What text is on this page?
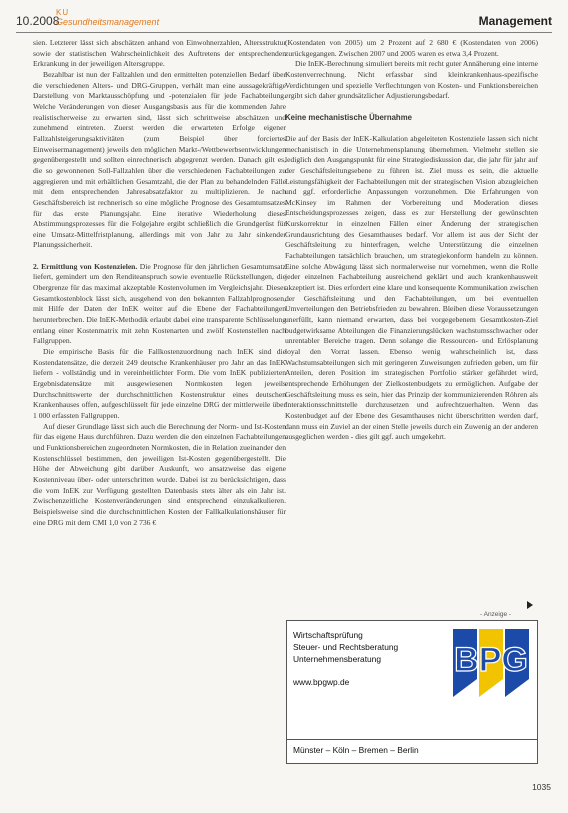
10.2008
KU
Gesundheitsmanagement	Management

sien. Letzterer lässt sich abschätzen anhand von Einwohnerzahlen, Altersstruktur sowie der statistischen Wahrscheinlichkeit des Auftretens der entsprechenden Erkrankung in der jeweiligen Altersgruppe.

Bezahlbar ist nun der Fallzahlen und den ermittelten potenziellen Bedarf über die verschiedenen Alters- und DRG-Gruppen, verhält man eine aussagekräftige Darstellung von Marktausschöpfung und -potenzialen für jede Fachabteilung. Welche Veränderungen von dieser Ausgangsbasis aus für die kommenden Jahre realistischerweise zu erwarten sind, lässt sich schrittweise abschätzen und zunehmend eintreten. Zuerst werden die erwarteten Erfolge eigener Fallzahlsteigerungsaktivitäten (zum Beispiel über forciertes Einweisermanagement) jeweils den möglichen Markt-/Wettbewerbsentwicklungen gegenübergestellt und sollten einrechnerisch abgegrenzt werden. Danach gilt es, die so gewonnenen Soll-Fallzahlen über die verschiedenen Fachabteilungen zu aggregieren und mit erhältlichen Gesamtzahl, die der Plan zu behandelnden Fälle mit dem entsprechenden Jahresabsatzfaktor zu multiplizieren. Je nach Geschäftsbereich ist rechnerisch so eine mögliche Prognose des Gesamtumsatzes für das erste Planungsjahr. Eine iterative Wiederholung dieses Abstimmungsprozesses für die Folgejahre ergibt schließlich die Grundgerüst für eine Umsatz-Mittelfristplanung, allerdings mit von Jahr zu Jahr sinkender Planungssicherheit.

2. Ermittlung von Kostenzielen. Die Prognose für den jährlichen Gesamtumsatz liefert, gemindert um den Renditeanspruch sowie eventuelle Rückstellungen, die Obergrenze für das maximal akzeptable Kostenvolumen im Vergleichsjahr. Dieser Gesamtkostenblock lässt sich, ausgehend von den bekannten Fallzahlprognosen, mit Hilfe der Daten der InEK weiter auf die Ebene der Fachabteilungen herunterbrechen. Die InEK-Methodik erlaubt dabei eine transparente Schlüsselung entlang einer Kostenmatrix mit zehn Kostenarten und zwölf Kostenstellen nach Fallgruppen.

Die empirische Basis für die Fallkostenzuordnung nach InEK sind die Kostendatensätze, die derzeit 249 deutsche Krankenhäuser pro Jahr an das InEK liefern - vollständig und in vereinheitlichter Form. Die vom InEK publizierten Ergebnisdatensätze mit ausgewiesenen Normkosten legen jeweils Durchschnittswerte der durchschnittlichen Kostenstruktur eines deutschen Krankenhauses offen, aufgeschlüsselt für jede einzelne DRG der mittlerweile über 1 000 erfassten Fallgruppen.

Auf dieser Grundlage lässt sich auch die Berechnung der Norm- und Ist-Kosten für das eigene Haus durchführen. Dazu werden die den einzelnen Fachabteilungen und Funktionsbereichen zugeordneten Normkosten, die in Relation zueinander den Kostenschlüssel bestimmen, den jeweiligen Ist-Kosten gegenübergestellt. Die Höhe der Abweichung gibt darüber Auskunft, wo ansatzweise das eigene Kostenniveau über- oder unterschritten wurde. Dabei ist zu berücksichtigen, dass die vom InEK zur Verfügung gestellten Datenbasis stets älter als ein Jahr ist. Zwischenzeitliche Kostenveränderungen sind entsprechend einzukalkulieren. Beispielsweise sind die durchschnittlichen Kosten der Fallkalkulationshäuser für eine DRG mit dem CMI 1,0 von 2 736 €

(Kostendaten von 2005) um 2 Prozent auf 2 680 € (Kostendaten von 2006) zurückgegangen. Zwischen 2007 und 2005 waren es etwa 3,4 Prozent.

Die InEK-Berechnung simuliert bereits mit recht guter Annäherung eine interne Kostenverrechnung. Nicht erfassbar sind kleinkrankenhaus-spezifische Verdichtungen und spezielle Verflechtungen von Kosten- und Funktionsbereichen ergibt sich daher grundsätzlicher Adjustierungsbedarf.

Keine mechanistische Übernahme

Die auf der Basis der InEK-Kalkulation abgeleiteten Kostenziele lassen sich nicht mechanistisch in die Unternehmensplanung übernehmen. Vielmehr stellen sie lediglich den Ausgangspunkt für eine Strategiediskussion dar, die jahr für jahr auf der Geschäftsleitungsebene zu führen ist. Ziel muss es sein, die aktuelle Leistungsfähigkeit der Fachabteilungen mit der strategischen Vision abzugleichen und ggf. erforderliche Anpassungen vorzunehmen. Die Erfahrungen von McKinsey im Rahmen der Vorbereitung und Moderation dieses Entscheidungsprozesses zeigen, dass es zur Herstellung der gewünschten Kurskorrektur in einzelnen Fällen einer Änderung der strategischen Grundausrichtung des Gesamthauses bedarf. Vor allem ist aus der Sicht der Geschäftsleitung zu hinterfragen, welche Unterstützung die einzelnen Fachabteilungen tatsächlich brauchen, um strategiekonform handeln zu können. Eine solche Abwägung lässt sich normalerweise nur vornehmen, wenn die Rolle jeder einzelnen Fachabteilung ausreichend geklärt und auch krankenhausweit akzeptiert ist. Dies erfordert eine klare und konsequente Kommunikation zwischen der Geschäftsleitung und den Fachabteilungen, um bei eventuellen Umverteilungen den Betriebsfrieden zu bewahren. Bleiben diese Voraussetzungen unerfüllt, kann niemand erwarten, dass bei vorgegebenem Gesamtkosten-Ziel budgetwirksame Abteilungen die Finanzierungslücken wachstumsschwacher oder unrentabler Bereiche tragen. Denn solange die Ressourcen- und Erlösplanung loyal den Vorrat lassen. Ebenso wenig wahrscheinlich ist, dass Wachstumsabteilungen sich mit geringeren Zuweisungen zufrieden geben, um für Anteilen, deren Position im strategischen Portfolio stärker gefährdet wird, entsprechende Erhöhungen der Zielkostenbudgets zu ermöglichen. Aufgabe der Geschäftsleitung muss es sein, hier das Prinzip der kommunizierenden Röhren als Interaktionsschnittstelle durchzusetzen und aufrechtzuerhalten. Wenn das Kostenbudget auf der Ebene des Gesamthauses nicht überschritten werden darf, dann muss ein Zuviel an der einen Stelle jeweils durch ein Zuwenig an der anderen ausgeglichen werden - dies gilt ggf. auch umgekehrt.

- Anzeige -
Wirtschaftsprüfung
Steuer- und Rechtsberatung
Unternehmensberatung
www.bpgwp.de
BPG
Münster – Köln – Bremen – Berlin
1035
